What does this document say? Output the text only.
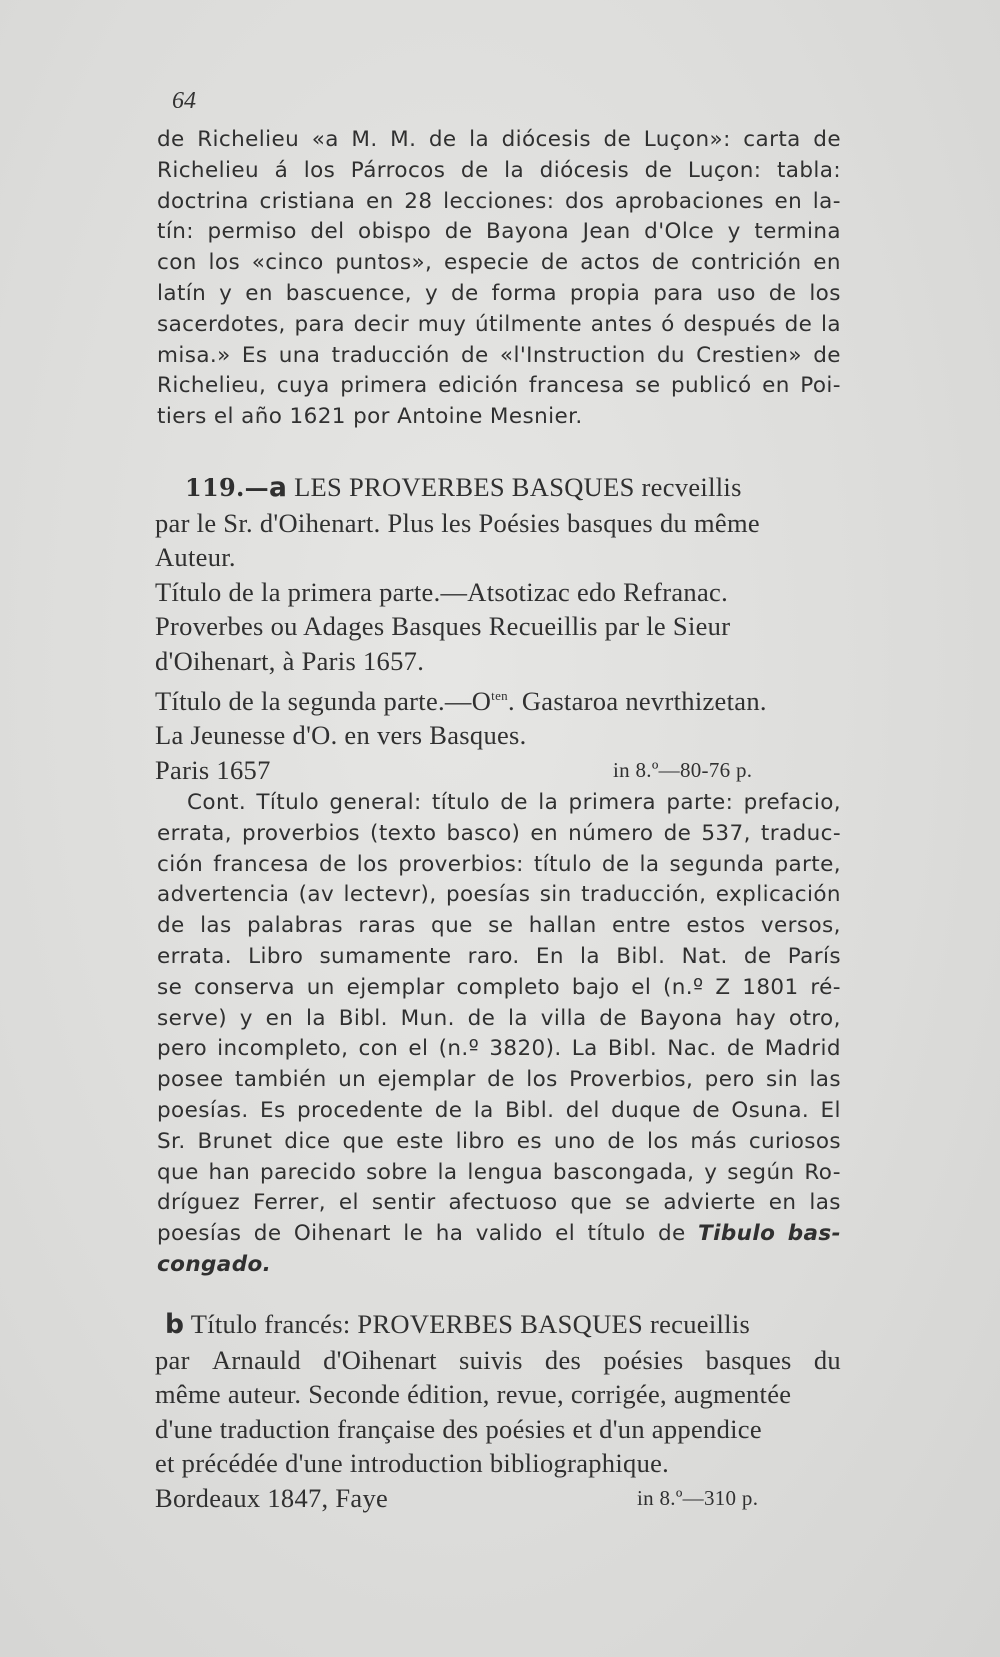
64
de Richelieu «a M. M. de la diócesis de Luçon»: carta de
Richelieu á los Párrocos de la diócesis de Luçon: tabla:
doctrina cristiana en 28 lecciones: dos aprobaciones en la-
tín: permiso del obispo de Bayona Jean d'Olce y termina
con los «cinco puntos», especie de actos de contrición en
latín y en bascuence, y de forma propia para uso de los
sacerdotes, para decir muy útilmente antes ó después de la
misa.» Es una traducción de «l'Instruction du Crestien» de
Richelieu, cuya primera edición francesa se publicó en Poi-
tiers el año 1621 por Antoine Mesnier.
119.—a LES PROVERBES BASQUES recveillis
par le Sr. d'Oihenart. Plus les Poésies basques du même
Auteur.
Título de la primera parte.—Atsotizac edo Refranac.
Proverbes ou Adages Basques Recueillis par le Sieur
d'Oihenart, à Paris 1657.
Título de la segunda $parte.—O^{ten}$. Gastaroa nevrthizetan.
La Jeunesse d'O. en vers Basques.
Paris 1657	in 8.º—80-76 p.
Cont. Título general: título de la primera parte: prefacio,
errata, proverbios (texto basco) en número de 537, traduc-
ción francesa de los proverbios: título de la segunda parte,
advertencia (av lectevr), poesías sin traducción, explicación
de las palabras raras que se hallan entre estos versos,
errata. Libro sumamente raro. En la Bibl. Nat. de París
se conserva un ejemplar completo bajo el (n.º Z 1801 ré-
serve) y en la Bibl. Mun. de la villa de Bayona hay otro,
pero incompleto, con el (n.º 3820). La Bibl. Nac. de Madrid
posee también un ejemplar de los Proverbios, pero sin las
poesías. Es procedente de la Bibl. del duque de Osuna. El
Sr. Brunet dice que este libro es uno de los más curiosos
que han parecido sobre la lengua bascongada, y según Ro-
dríguez Ferrer, el sentir afectuoso que se advierte en las
poesías de Oihenart le ha valido el título de Tibulo bas-
congado.
b Título francés: PROVERBES BASQUES recueillis
par Arnauld d'Oihenart suivis des poésies basques du
même auteur. Seconde édition, revue, corrigée, augmentée
d'une traduction française des poésies et d'un appendice
et précédée d'une introduction bibliographique.
Bordeaux 1847, Faye	in 8.º—310 p.
